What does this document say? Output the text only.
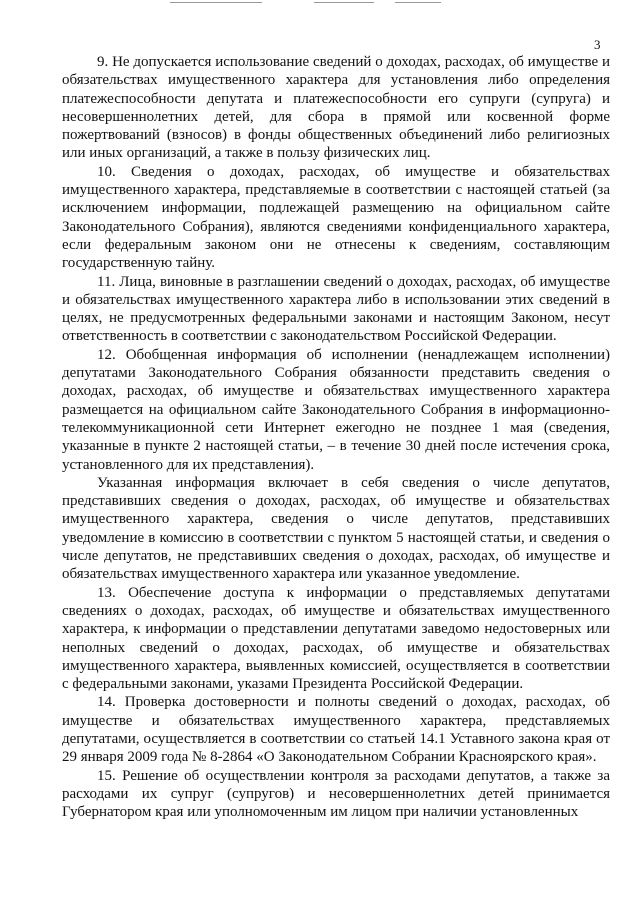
3

9. Не допускается использование сведений о доходах, расходах, об имуществе и обязательствах имущественного характера для установления либо определения платежеспособности депутата и платежеспособности его супруги (супруга) и несовершеннолетних детей, для сбора в прямой или косвенной форме пожертвований (взносов) в фонды общественных объединений либо религиозных или иных организаций, а также в пользу физических лиц.

10. Сведения о доходах, расходах, об имуществе и обязательствах имущественного характера, представляемые в соответствии с настоящей статьей (за исключением информации, подлежащей размещению на официальном сайте Законодательного Собрания), являются сведениями конфиденциального характера, если федеральным законом они не отнесены к сведениям, составляющим государственную тайну.

11. Лица, виновные в разглашении сведений о доходах, расходах, об имуществе и обязательствах имущественного характера либо в использовании этих сведений в целях, не предусмотренных федеральными законами и настоящим Законом, несут ответственность в соответствии с законодательством Российской Федерации.

12. Обобщенная информация об исполнении (ненадлежащем исполнении) депутатами Законодательного Собрания обязанности представить сведения о доходах, расходах, об имуществе и обязательствах имущественного характера размещается на официальном сайте Законодательного Собрания в информационно-телекоммуникационной сети Интернет ежегодно не позднее 1 мая (сведения, указанные в пункте 2 настоящей статьи, – в течение 30 дней после истечения срока, установленного для их представления).

Указанная информация включает в себя сведения о числе депутатов, представивших сведения о доходах, расходах, об имуществе и обязательствах имущественного характера, сведения о числе депутатов, представивших уведомление в комиссию в соответствии с пунктом 5 настоящей статьи, и сведения о числе депутатов, не представивших сведения о доходах, расходах, об имуществе и обязательствах имущественного характера или указанное уведомление.

13. Обеспечение доступа к информации о представляемых депутатами сведениях о доходах, расходах, об имуществе и обязательствах имущественного характера, к информации о представлении депутатами заведомо недостоверных или неполных сведений о доходах, расходах, об имуществе и обязательствах имущественного характера, выявленных комиссией, осуществляется в соответствии с федеральными законами, указами Президента Российской Федерации.

14. Проверка достоверности и полноты сведений о доходах, расходах, об имуществе и обязательствах имущественного характера, представляемых депутатами, осуществляется в соответствии со статьей 14.1 Уставного закона края от 29 января 2009 года № 8-2864 «О Законодательном Собрании Красноярского края».

15. Решение об осуществлении контроля за расходами депутатов, а также за расходами их супруг (супругов) и несовершеннолетних детей принимается Губернатором края или уполномоченным им лицом при наличии установленных
